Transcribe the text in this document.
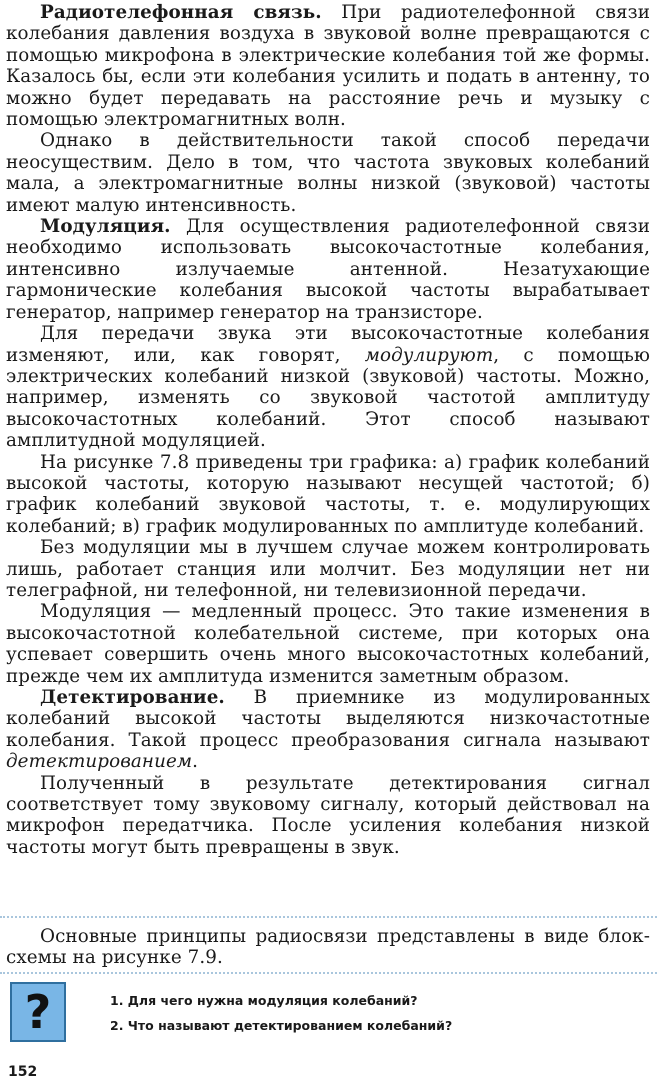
Радиотелефонная связь. При радиотелефонной связи колебания давления воздуха в звуковой волне превращаются с помощью микрофона в электрические колебания той же формы. Казалось бы, если эти колебания усилить и подать в антенну, то можно будет передавать на расстояние речь и музыку с помощью электромагнитных волн.

Однако в действительности такой способ передачи неосуществим. Дело в том, что частота звуковых колебаний мала, а электромагнитные волны низкой (звуковой) частоты имеют малую интенсивность.

Модуляция. Для осуществления радиотелефонной связи необходимо использовать высокочастотные колебания, интенсивно излучаемые антенной. Незатухающие гармонические колебания высокой частоты вырабатывает генератор, например генератор на транзисторе.

Для передачи звука эти высокочастотные колебания изменяют, или, как говорят, модулируют, с помощью электрических колебаний низкой (звуковой) частоты. Можно, например, изменять со звуковой частотой амплитуду высокочастотных колебаний. Этот способ называют амплитудной модуляцией.

На рисунке 7.8 приведены три графика: а) график колебаний высокой частоты, которую называют несущей частотой; б) график колебаний звуковой частоты, т. е. модулирующих колебаний; в) график модулированных по амплитуде колебаний.

Без модуляции мы в лучшем случае можем контролировать лишь, работает станция или молчит. Без модуляции нет ни телеграфной, ни телефонной, ни телевизионной передачи.

Модуляция — медленный процесс. Это такие изменения в высокочастотной колебательной системе, при которых она успевает совершить очень много высокочастотных колебаний, прежде чем их амплитуда изменится заметным образом.

Детектирование. В приемнике из модулированных колебаний высокой частоты выделяются низкочастотные колебания. Такой процесс преобразования сигнала называют детектированием.

Полученный в результате детектирования сигнал соответствует тому звуковому сигналу, который действовал на микрофон передатчика. После усиления колебания низкой частоты могут быть превращены в звук.

Основные принципы радиосвязи представлены в виде блок-схемы на рисунке 7.9.

?	1. Для чего нужна модуляция колебаний?
2. Что называют детектированием колебаний?
152
